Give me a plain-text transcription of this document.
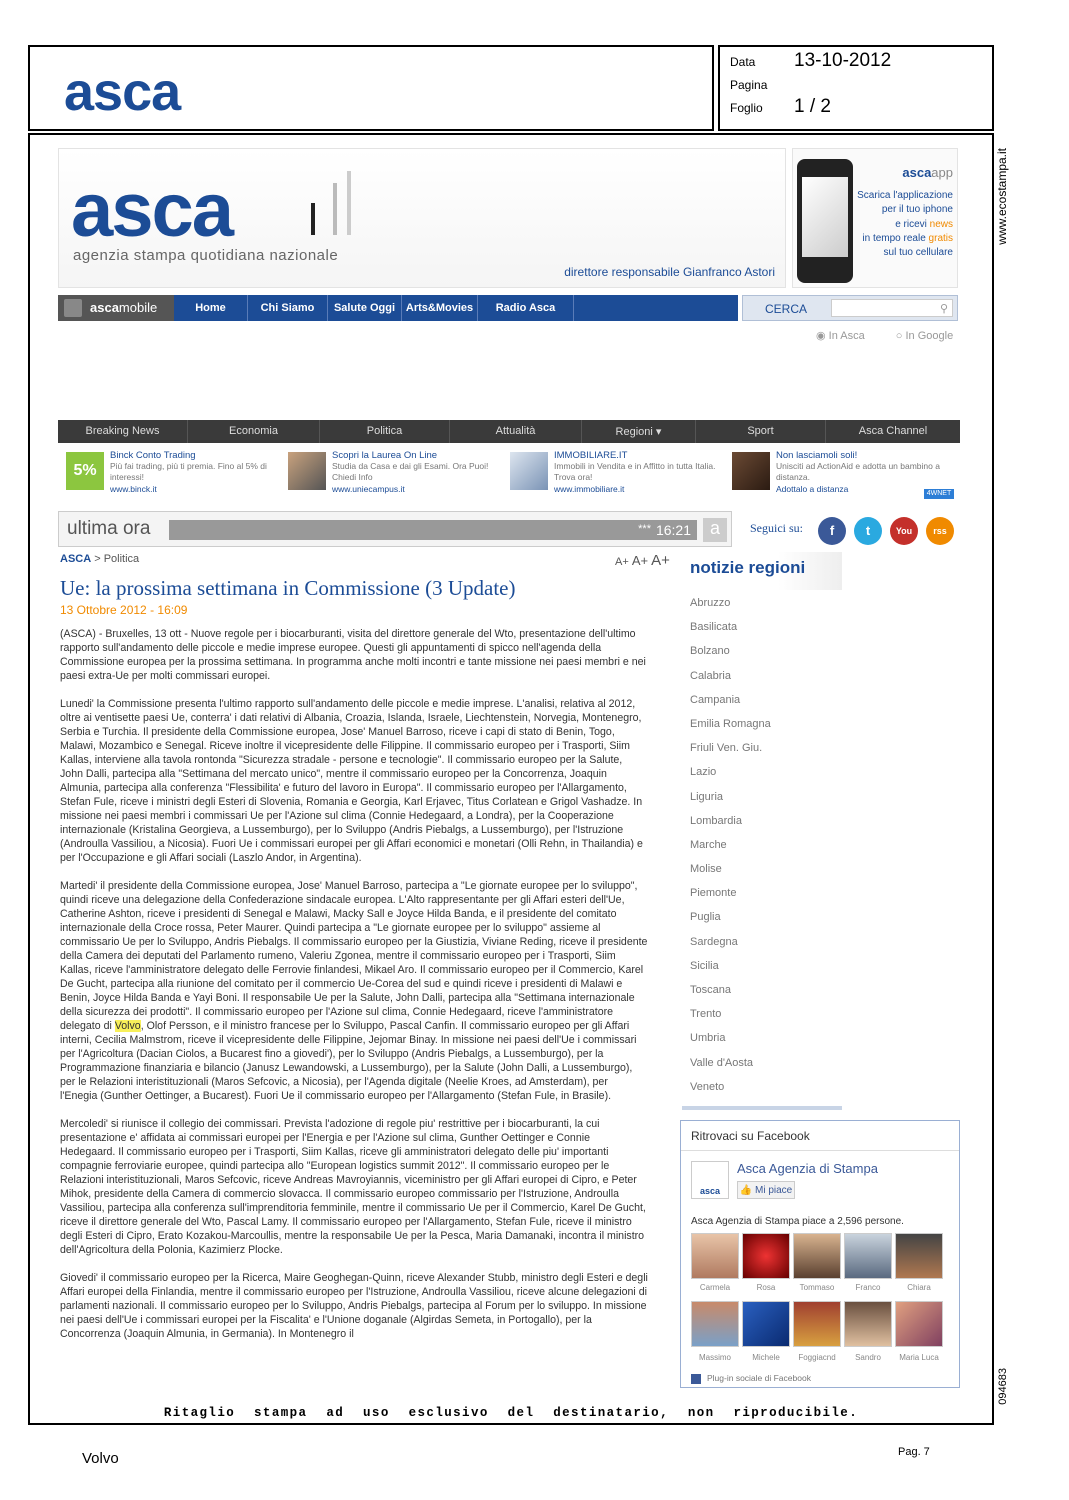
asca	Data 13-10-2012
Pagina
Foglio 1 / 2
www.ecostampa.it
094683
asca
agenzia stampa quotidiana nazionale
direttore responsabile Gianfranco Astori
ascaapp
Scarica l'applicazione
per il tuo iphone
e ricevi news
in tempo reale gratis
sul tuo cellulare
ascamobile	Home	Chi Siamo	Salute Oggi Arts&Movies	Radio Asca	CERCA	⚲
◉ In Asca	○ In Google
Breaking News	Economia	Politica	Attualità	Regioni ▾	Sport	Asca Channel
5%
Binck Conto Trading
Più fai trading, più ti premia. Fino al 5% di interessi!
www.binck.it
Scopri la Laurea On Line
Studia da Casa e dai gli Esami. Ora Puoi! Chiedi Info
www.uniecampus.it
IMMOBILIARE.IT
Immobili in Vendita e in Affitto in tutta Italia. Trova ora!
www.immobiliare.it
Non lasciamoli soli!
Unisciti ad ActionAid e adotta un bambino a distanza.
Adottalo a distanza	4WNET
ultima ora	*** 16:21	a	Seguici su:	f	t	You	rss
ASCA > Politica	A+ A+ A+
Ue: la prossima settimana in Commissione (3 Update)
13 Ottobre 2012 - 16:09

(ASCA) - Bruxelles, 13 ott - Nuove regole per i biocarburanti, visita del direttore generale del Wto, presentazione dell'ultimo rapporto sull'andamento delle piccole e medie imprese europee. Questi gli appuntamenti di spicco nell'agenda della Commissione europea per la prossima settimana. In programma anche molti incontri e tante missione nei paesi membri e nei paesi extra-Ue per molti commissari europei.

Lunedi' la Commissione presenta l'ultimo rapporto sull'andamento delle piccole e medie imprese. L'analisi, relativa al 2012, oltre ai ventisette paesi Ue, conterra' i dati relativi di Albania, Croazia, Islanda, Israele, Liechtenstein, Norvegia, Montenegro, Serbia e Turchia. Il presidente della Commissione europea, Jose' Manuel Barroso, riceve i capi di stato di Benin, Togo, Malawi, Mozambico e Senegal. Riceve inoltre il vicepresidente delle Filippine. Il commissario europeo per i Trasporti, Siim Kallas, interviene alla tavola rontonda "Sicurezza stradale - persone e tecnologie". Il commissario europeo per la Salute, John Dalli, partecipa alla "Settimana del mercato unico", mentre il commissario europeo per la Concorrenza, Joaquin Almunia, partecipa alla conferenza "Flessibilita' e futuro del lavoro in Europa". Il commissario europeo per l'Allargamento, Stefan Fule, riceve i ministri degli Esteri di Slovenia, Romania e Georgia, Karl Erjavec, Titus Corlatean e Grigol Vashadze. In missione nei paesi membri i commissari Ue per l'Azione sul clima (Connie Hedegaard, a Londra), per la Cooperazione internazionale (Kristalina Georgieva, a Lussemburgo), per lo Sviluppo (Andris Piebalgs, a Lussemburgo), per l'Istruzione (Androulla Vassiliou, a Nicosia). Fuori Ue i commissari europei per gli Affari economici e monetari (Olli Rehn, in Thailandia) e per l'Occupazione e gli Affari sociali (Laszlo Andor, in Argentina).

Martedi' il presidente della Commissione europea, Jose' Manuel Barroso, partecipa a "Le giornate europee per lo sviluppo", quindi riceve una delegazione della Confederazione sindacale europea. L'Alto rappresentante per gli Affari esteri dell'Ue, Catherine Ashton, riceve i presidenti di Senegal e Malawi, Macky Sall e Joyce Hilda Banda, e il presidente del comitato internazionale della Croce rossa, Peter Maurer. Quindi partecipa a "Le giornate europee per lo sviluppo" assieme al commissario Ue per lo Sviluppo, Andris Piebalgs. Il commissario europeo per la Giustizia, Viviane Reding, riceve il presidente della Camera dei deputati del Parlamento rumeno, Valeriu Zgonea, mentre il commissario europeo per i Trasporti, Siim Kallas, riceve l'amministratore delegato delle Ferrovie finlandesi, Mikael Aro. Il commissario europeo per il Commercio, Karel De Gucht, partecipa alla riunione del comitato per il commercio Ue-Corea del sud e quindi riceve i presidenti di Malawi e Benin, Joyce Hilda Banda e Yayi Boni. Il responsabile Ue per la Salute, John Dalli, partecipa alla "Settimana internazionale della sicurezza dei prodotti". Il commissario europeo per l'Azione sul clima, Connie Hedegaard, riceve l'amministratore delegato di Volvo, Olof Persson, e il ministro francese per lo Sviluppo, Pascal Canfin. Il commissario europeo per gli Affari interni, Cecilia Malmstrom, riceve il vicepresidente delle Filippine, Jejomar Binay. In missione nei paesi dell'Ue i commissari per l'Agricoltura (Dacian Ciolos, a Bucarest fino a giovedi'), per lo Sviluppo (Andris Piebalgs, a Lussemburgo), per la Programmazione finanziaria e bilancio (Janusz Lewandowski, a Lussemburgo), per la Salute (John Dalli, a Lussemburgo), per le Relazioni interistituzionali (Maros Sefcovic, a Nicosia), per l'Agenda digitale (Neelie Kroes, ad Amsterdam), per l'Enegia (Gunther Oettinger, a Bucarest). Fuori Ue il commissario europeo per l'Allargamento (Stefan Fule, in Brasile).

Mercoledi' si riunisce il collegio dei commissari. Prevista l'adozione di regole piu' restrittive per i biocarburanti, la cui presentazione e' affidata ai commissari europei per l'Energia e per l'Azione sul clima, Gunther Oettinger e Connie Hedegaard. Il commissario europeo per i Trasporti, Siim Kallas, riceve gli amministratori delegato delle piu' importanti compagnie ferroviarie europee, quindi partecipa allo "European logistics summit 2012". Il commissario europeo per le Relazioni interistituzionali, Maros Sefcovic, riceve Andreas Mavroyiannis, viceministro per gli Affari europei di Cipro, e Peter Mihok, presidente della Camera di commercio slovacca. Il commissario europeo commissario per l'Istruzione, Androulla Vassiliou, partecipa alla conferenza sull'imprenditoria femminile, mentre il commissario Ue per il Commercio, Karel De Gucht, riceve il direttore generale del Wto, Pascal Lamy. Il commissario europeo per l'Allargamento, Stefan Fule, riceve il ministro degli Esteri di Cipro, Erato Kozakou-Marcoullis, mentre la responsabile Ue per la Pesca, Maria Damanaki, incontra il ministro dell'Agricoltura della Polonia, Kazimierz Plocke.

Giovedi' il commissario europeo per la Ricerca, Maire Geoghegan-Quinn, riceve Alexander Stubb, ministro degli Esteri e degli Affari europei della Finlandia, mentre il commissario europeo per l'Istruzione, Androulla Vassiliou, riceve alcune delegazioni di parlamenti nazionali. Il commissario europeo per lo Sviluppo, Andris Piebalgs, partecipa al Forum per lo sviluppo. In missione nei paesi dell'Ue i commissari europei per la Fiscalita' e l'Unione doganale (Algirdas Semeta, in Portogallo), per la Concorrenza (Joaquin Almunia, in Germania). In Montenegro il

notizie regioni
Abruzzo
Basilicata
Bolzano
Calabria
Campania
Emilia Romagna
Friuli Ven. Giu.
Lazio
Liguria
Lombardia
Marche
Molise
Piemonte
Puglia
Sardegna
Sicilia
Toscana
Trento
Umbria
Valle d'Aosta
Veneto
Ritrovaci su Facebook
asca
Asca Agenzia di Stampa
👍 Mi piace
Asca Agenzia di Stampa piace a 2,596 persone.
Carmela	Rosa	Tommaso	Franco	Chiara
Massimo	Michele	Foggiacnd	Sandro	Maria Luca
Plug-in sociale di Facebook
Ritaglio stampa ad uso esclusivo del destinatario, non riproducibile.
Volvo	Pag. 7
